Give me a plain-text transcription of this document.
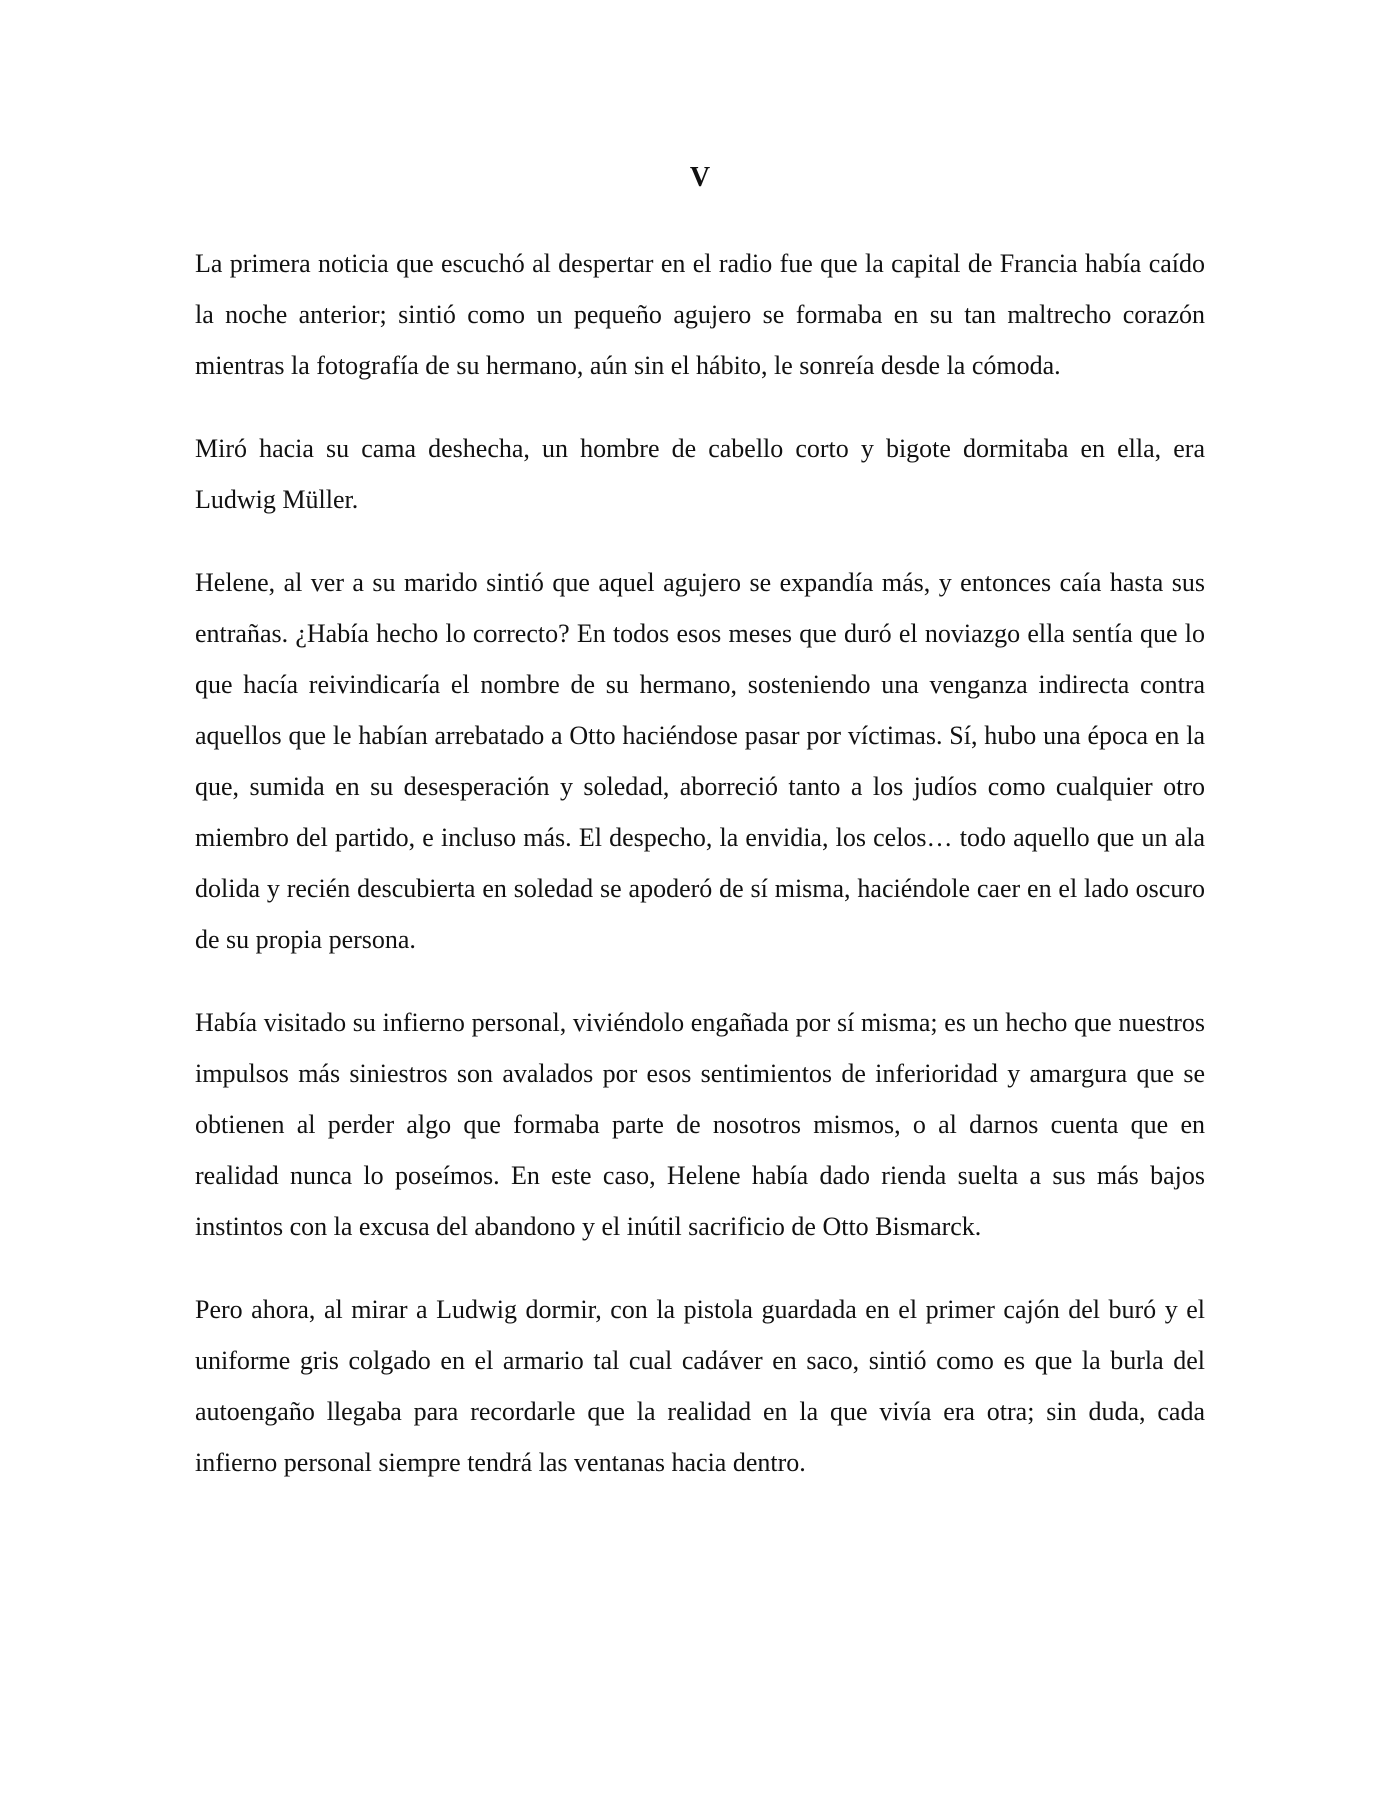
V

La primera noticia que escuchó al despertar en el radio fue que la capital de Francia había caído la noche anterior; sintió como un pequeño agujero se formaba en su tan maltrecho corazón mientras la fotografía de su hermano, aún sin el hábito, le sonreía desde la cómoda.

Miró hacia su cama deshecha, un hombre de cabello corto y bigote dormitaba en ella, era Ludwig Müller.

Helene, al ver a su marido sintió que aquel agujero se expandía más, y entonces caía hasta sus entrañas. ¿Había hecho lo correcto? En todos esos meses que duró el noviazgo ella sentía que lo que hacía reivindicaría el nombre de su hermano, sosteniendo una venganza indirecta contra aquellos que le habían arrebatado a Otto haciéndose pasar por víctimas. Sí, hubo una época en la que, sumida en su desesperación y soledad, aborreció tanto a los judíos como cualquier otro miembro del partido, e incluso más. El despecho, la envidia, los celos… todo aquello que un ala dolida y recién descubierta en soledad se apoderó de sí misma, haciéndole caer en el lado oscuro de su propia persona.

Había visitado su infierno personal, viviéndolo engañada por sí misma; es un hecho que nuestros impulsos más siniestros son avalados por esos sentimientos de inferioridad y amargura que se obtienen al perder algo que formaba parte de nosotros mismos, o al darnos cuenta que en realidad nunca lo poseímos. En este caso, Helene había dado rienda suelta a sus más bajos instintos con la excusa del abandono y el inútil sacrificio de Otto Bismarck.

Pero ahora, al mirar a Ludwig dormir, con la pistola guardada en el primer cajón del buró y el uniforme gris colgado en el armario tal cual cadáver en saco, sintió como es que la burla del autoengaño llegaba para recordarle que la realidad en la que vivía era otra; sin duda, cada infierno personal siempre tendrá las ventanas hacia dentro.
